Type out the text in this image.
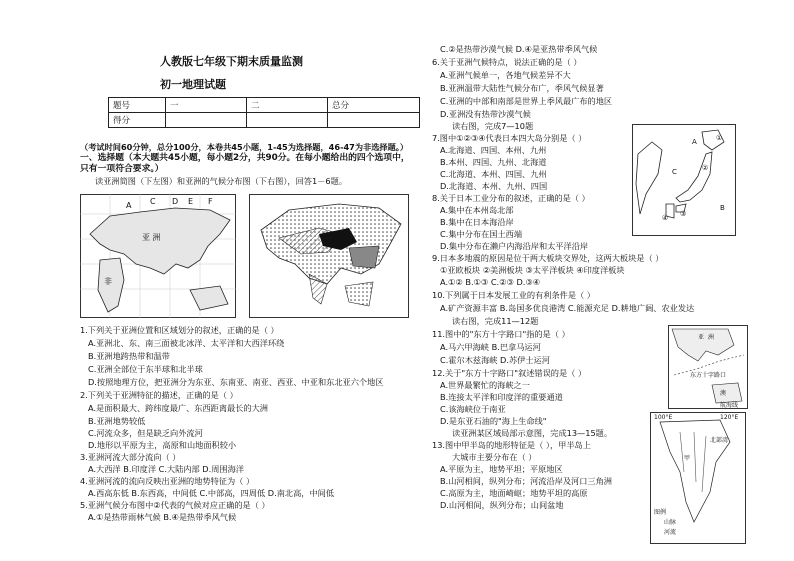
人教版七年级下期末质量监测
初一地理试题
题号	一	二	总分
得分			
（考试时间60分钟，总分100分，本卷共45小题，1-45为选择题，46-47为非选择题。）
一、选择题（本大题共45小题，每小题2分，共90分。在每小题给出的四个选项中，
只有一项符合要求。）
读亚洲简图（下左图）和亚洲的气候分布图（下右图），回答1－6题。
亚 洲
非
A C D E F
1.下列关于亚洲位置和区域划分的叙述，正确的是（ ）
A.亚洲北、东、南三面被北冰洋、太平洋和大西洋环绕
B.亚洲地跨热带和温带
C.亚洲全部位于东半球和北半球
D.按照地理方位，把亚洲分为东亚、东南亚、南亚、西亚、中亚和东北亚六个地区
2.下列关于亚洲特征的描述，正确的是（ ）
A.是面积最大、跨纬度最广、东西距离最长的大洲
B.亚洲地势较低
C.河流众多，但是缺乏向外流河
D.地形以平原为主，高原和山地面积较小
3.亚洲河流大部分流向（ ）
A.大西洋 B.印度洋 C.大陆内部 D.周围海洋
4.亚洲河流的流向反映出亚洲的地势特征为（ ）
A.西高东低 B.东西高，中间低 C.中部高，四周低 D.南北高，中间低
5.亚洲气候分布图中②代表的气候对应正确的是（ ）
A.①是热带雨林气候 B.④是热带季风气候
C.②是热带沙漠气候 D.④是亚热带季风气候
6.关于亚洲气候特点，说法正确的是（ ）
A.亚洲气候单一，各地气候差异不大
B.亚洲温带大陆性气候分布广，季风气候显著
C.亚洲的中部和南部是世界上季风最广布的地区
D.亚洲没有热带沙漠气候
读右图，完成7—10题
7.图中①②③④代表日本四大岛分别是（ ）
A.北海道、四国、本州、九州
B.本州、四国、九州、北海道
C.北海道、本州、四国、九州
D.北海道、本州、九州、四国
8.关于日本工业分布的叙述，正确的是（ ）
A.集中在本州岛北部
B.集中在日本海沿岸
C.集中分布在国土西端
D.集中分布在濑户内海沿岸和太平洋沿岸
9.日本多地震的原因是位于两大板块交界处，这两大板块是（ ）
①亚欧板块 ②美洲板块 ③太平洋板块 ④印度洋板块
A.①② B.①③ C.②③ D.③④
10.下列属于日本发展工业的有利条件是（ ）
A.矿产资源丰富 B.岛国多优良港湾 C.能源充足 D.耕地广阔、农业发达
读右图，完成11—12题
11.图中的"东方十字路口"指的是（ ）
A.马六甲海峡 B.巴拿马运河
C.霍尔木兹海峡 D.苏伊士运河
12.关于"东方十字路口"叙述错误的是（ ）
A.世界最繁忙的海峡之一
B.连接太平洋和印度洋的重要通道
C.该海峡位于南亚
D.是东亚石油的"海上生命线"
读亚洲某区域局部示意图，完成13—15题。
13.图中甲半岛的地形特征是（ ），甲半岛上
大城市主要分布在（ ）
A.平原为主，地势平坦；平原地区
B.山河相间，纵列分布；河流沿岸及河口三角洲
C.高原为主，地面崎岖；地势平坦的高原
D.山河相间，纵列分布；山间盆地
①
②
③
④
A
B
C
亚 洲
东方十字路口
澳
航海线
100°E	120°E
甲
北部湾
图例
山脉
河流
